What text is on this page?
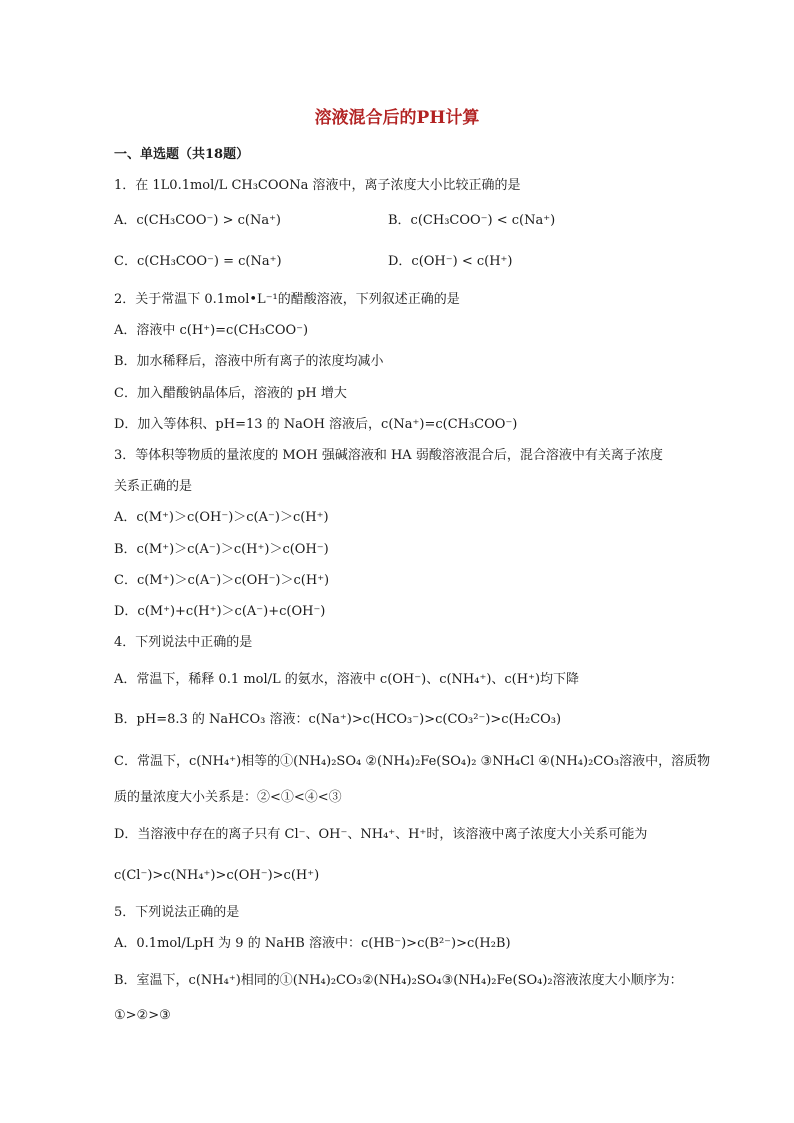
溶液混合后的PH计算
一、单选题（共18题）
1．在 1L0.1mol/L CH₃COONa 溶液中，离子浓度大小比较正确的是
A．c(CH₃COO⁻) > c(Na⁺)	B．c(CH₃COO⁻) < c(Na⁺)
C．c(CH₃COO⁻) = c(Na⁺)	D．c(OH⁻) < c(H⁺)
2．关于常温下 0.1mol•L⁻¹的醋酸溶液，下列叙述正确的是
A．溶液中 c(H⁺)=c(CH₃COO⁻)
B．加水稀释后，溶液中所有离子的浓度均减小
C．加入醋酸钠晶体后，溶液的 pH 增大
D．加入等体积、pH=13 的 NaOH 溶液后，c(Na⁺)=c(CH₃COO⁻)
3．等体积等物质的量浓度的 MOH 强碱溶液和 HA 弱酸溶液混合后，混合溶液中有关离子浓度
关系正确的是
A．c(M⁺)＞c(OH⁻)＞c(A⁻)＞c(H⁺)
B．c(M⁺)＞c(A⁻)＞c(H⁺)＞c(OH⁻)
C．c(M⁺)＞c(A⁻)＞c(OH⁻)＞c(H⁺)
D．c(M⁺)+c(H⁺)＞c(A⁻)+c(OH⁻)
4．下列说法中正确的是
A．常温下，稀释 0.1 mol/L 的氨水，溶液中 c(OH⁻)、c(NH₄⁺)、c(H⁺)均下降
B．pH=8.3 的 NaHCO₃ 溶液：c(Na⁺)>c(HCO₃⁻)>c(CO₃²⁻)>c(H₂CO₃)
C．常温下，c(NH₄⁺)相等的①(NH₄)₂SO₄ ②(NH₄)₂Fe(SO₄)₂ ③NH₄Cl ④(NH₄)₂CO₃溶液中，溶质物
质的量浓度大小关系是：②<①<④<③
D．当溶液中存在的离子只有 Cl⁻、OH⁻、NH₄⁺、H⁺时，该溶液中离子浓度大小关系可能为
c(Cl⁻)>c(NH₄⁺)>c(OH⁻)>c(H⁺)
5．下列说法正确的是
A．0.1mol/LpH 为 9 的 NaHB 溶液中：c(HB⁻)>c(B²⁻)>c(H₂B)
B．室温下，c(NH₄⁺)相同的①(NH₄)₂CO₃②(NH₄)₂SO₄③(NH₄)₂Fe(SO₄)₂溶液浓度大小顺序为：
①>②>③
